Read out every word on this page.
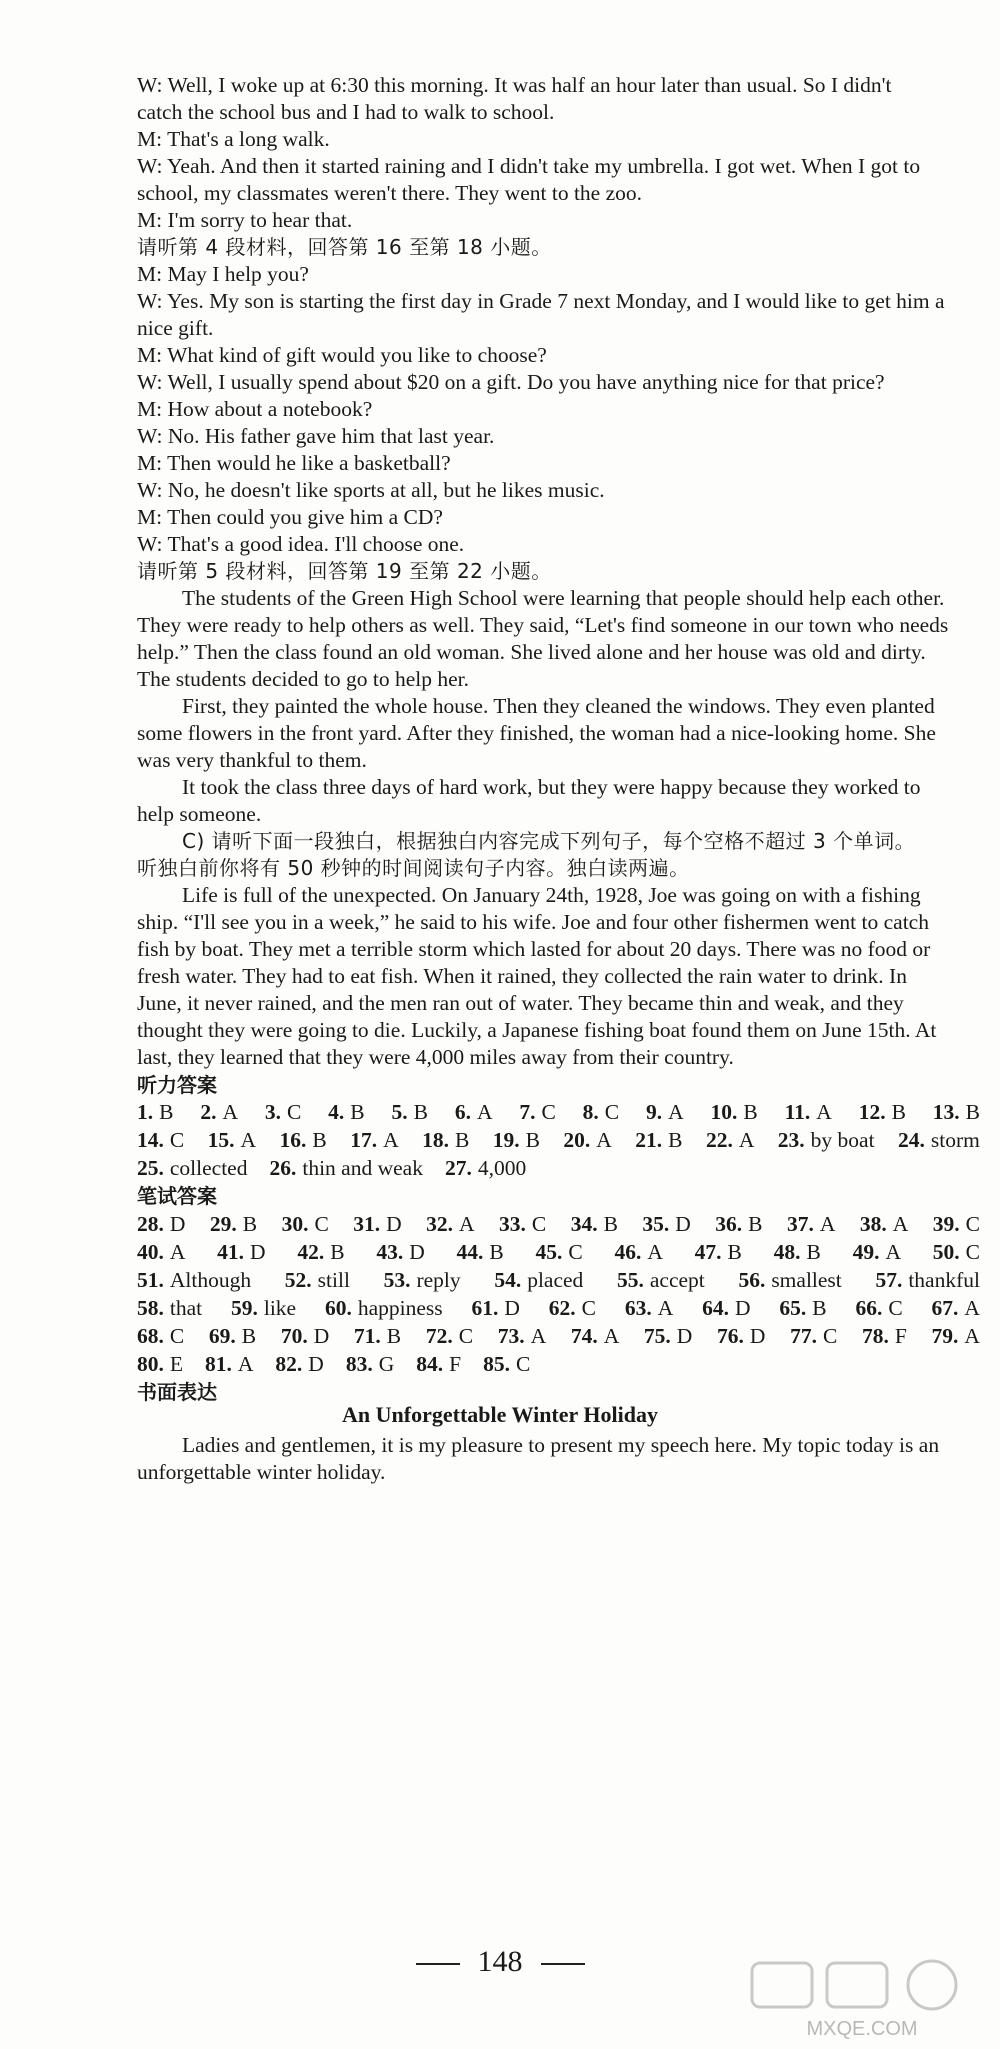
W: Well, I woke up at 6:30 this morning. It was half an hour later than usual. So I didn't
catch the school bus and I had to walk to school.
M: That's a long walk.
W: Yeah. And then it started raining and I didn't take my umbrella. I got wet. When I got to
school, my classmates weren't there. They went to the zoo.
M: I'm sorry to hear that.
请听第 4 段材料，回答第 16 至第 18 小题。
M: May I help you?
W: Yes. My son is starting the first day in Grade 7 next Monday, and I would like to get him a
nice gift.
M: What kind of gift would you like to choose?
W: Well, I usually spend about $20 on a gift. Do you have anything nice for that price?
M: How about a notebook?
W: No. His father gave him that last year.
M: Then would he like a basketball?
W: No, he doesn't like sports at all, but he likes music.
M: Then could you give him a CD?
W: That's a good idea. I'll choose one.
请听第 5 段材料，回答第 19 至第 22 小题。
The students of the Green High School were learning that people should help each other.
They were ready to help others as well. They said, “Let's find someone in our town who needs
help.” Then the class found an old woman. She lived alone and her house was old and dirty.
The students decided to go to help her.
First, they painted the whole house. Then they cleaned the windows. They even planted
some flowers in the front yard. After they finished, the woman had a nice-looking home. She
was very thankful to them.
It took the class three days of hard work, but they were happy because they worked to
help someone.
C) 请听下面一段独白，根据独白内容完成下列句子，每个空格不超过 3 个单词。
听独白前你将有 50 秒钟的时间阅读句子内容。独白读两遍。
Life is full of the unexpected. On January 24th, 1928, Joe was going on with a fishing
ship. “I'll see you in a week,” he said to his wife. Joe and four other fishermen went to catch
fish by boat. They met a terrible storm which lasted for about 20 days. There was no food or
fresh water. They had to eat fish. When it rained, they collected the rain water to drink. In
June, it never rained, and the men ran out of water. They became thin and weak, and they
thought they were going to die. Luckily, a Japanese fishing boat found them on June 15th. At
last, they learned that they were 4,000 miles away from their country.
听力答案
1. B 2. A 3. C 4. B 5. B 6. A 7. C 8. C 9. A 10. B 11. A 12. B 13. B
14. C 15. A 16. B 17. A 18. B 19. B 20. A 21. B 22. A 23. by boat 24. storm
25. collected 26. thin and weak 27. 4,000
笔试答案
28. D 29. B 30. C 31. D 32. A 33. C 34. B 35. D 36. B 37. A 38. A 39. C
40. A 41. D 42. B 43. D 44. B 45. C 46. A 47. B 48. B 49. A 50. C
51. Although 52. still 53. reply 54. placed 55. accept 56. smallest 57. thankful
58. that 59. like 60. happiness 61. D 62. C 63. A 64. D 65. B 66. C 67. A
68. C 69. B 70. D 71. B 72. C 73. A 74. A 75. D 76. D 77. C 78. F 79. A
80. E 81. A 82. D 83. G 84. F 85. C
书面表达
An Unforgettable Winter Holiday
Ladies and gentlemen, it is my pleasure to present my speech here. My topic today is an
unforgettable winter holiday.
148
MXQE.COM
